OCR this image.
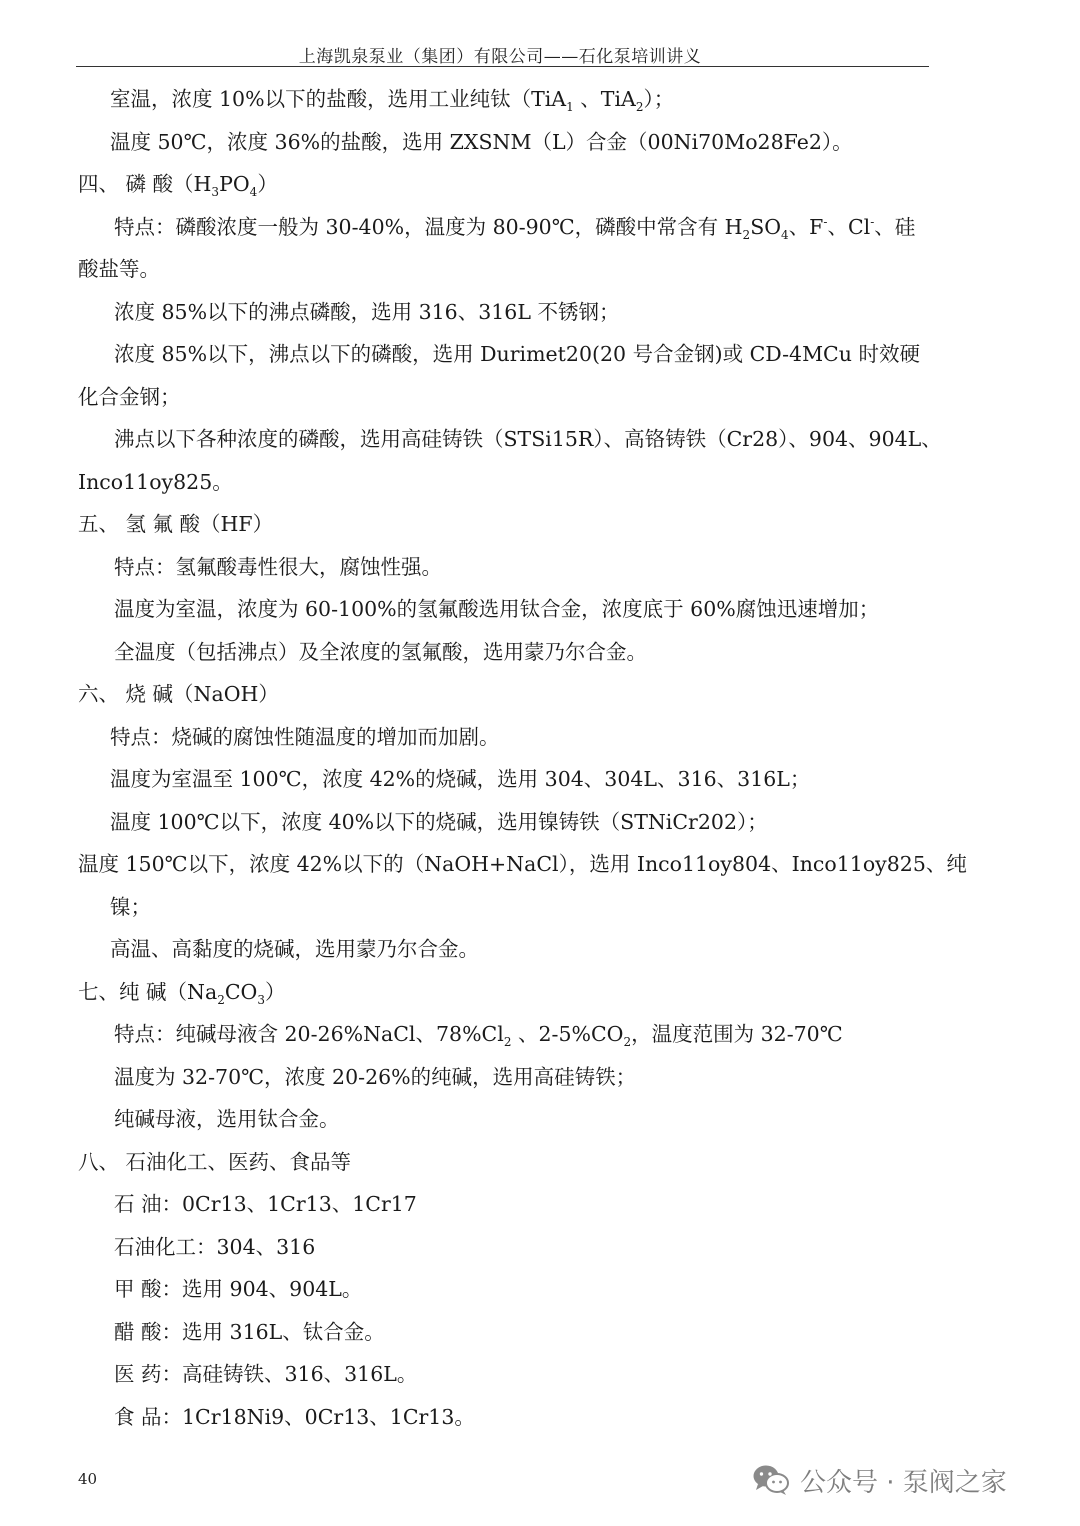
上海凯泉泵业（集团）有限公司——石化泵培训讲义
室温，浓度 10%以下的盐酸，选用工业纯钛（TiA$_1$ 、TiA$_2$）；
温度 50℃，浓度 36%的盐酸，选用 ZXSNM（L）合金（00Ni70Mo28Fe2）。
四、 磷 酸$(H_3PO_4)$
特点：磷酸浓度一般为 30-40%，温度为 80-90℃，磷酸中常含有 $H_2SO_4$、F-、Cl-、硅
酸盐等。
浓度 85%以下的沸点磷酸，选用 316、316L 不锈钢；
浓度 85%以下，沸点以下的磷酸，选用 Durimet20(20 号合金钢)或 CD-4MCu 时效硬
化合金钢；
沸点以下各种浓度的磷酸，选用高硅铸铁（STSi15R）、高铬铸铁（Cr28）、904、904L、
Inco11oy825。
五、 氢 氟 酸（HF）
特点：氢氟酸毒性很大，腐蚀性强。
温度为室温，浓度为 60-100%的氢氟酸选用钛合金，浓度底于 60%腐蚀迅速增加；
全温度（包括沸点）及全浓度的氢氟酸，选用蒙乃尔合金。
六、 烧 碱（NaOH）
特点：烧碱的腐蚀性随温度的增加而加剧。
温度为室温至 100℃，浓度 42%的烧碱，选用 304、304L、316、316L；
温度 100℃以下，浓度 40%以下的烧碱，选用镍铸铁（STNiCr202）；
温度 150℃以下，浓度 42%以下的（NaOH+NaCl），选用 Inco11oy804、Inco11oy825、纯
镍；
高温、高黏度的烧碱，选用蒙乃尔合金。
七、纯 碱$(Na_2CO_3)$
特点：纯碱母液含 20-26%NaCl、$78\%Cl_2$ 、$2-5\%CO_2$，温度范围为 32-70℃
温度为 32-70℃，浓度 20-26%的纯碱，选用高硅铸铁；
纯碱母液，选用钛合金。
八、 石油化工、医药、食品等
石 油：0Cr13、1Cr13、1Cr17
石油化工：304、316
甲 酸：选用 904、904L。
醋 酸：选用 316L、钛合金。
医 药：高硅铸铁、316、316L。
食 品：1Cr18Ni9、0Cr13、1Cr13。
40	公众号 · 泵阀之家
